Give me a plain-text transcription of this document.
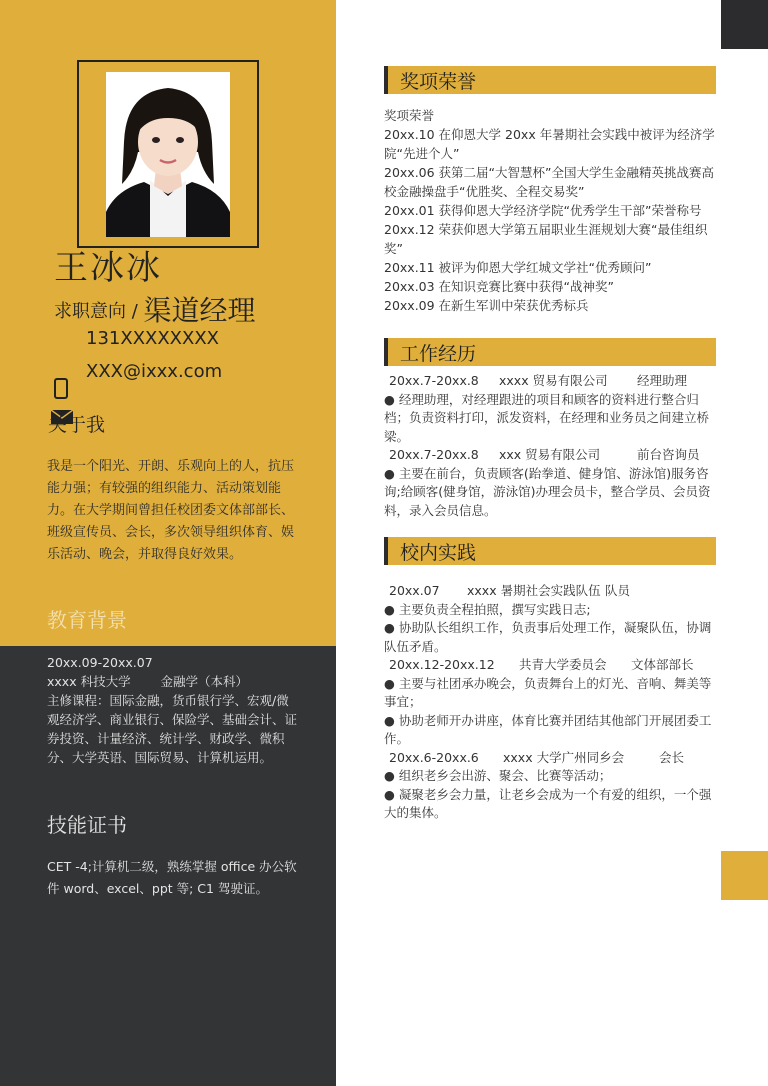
王冰冰
求职意向 / 渠道经理
131XXXXXXXX
XXX@ixxx.com
关于我
我是一个阳光、开朗、乐观向上的人，抗压能力强；有较强的组织能力、活动策划能力。在大学期间曾担任校团委文体部部长、班级宣传员、会长，多次领导组织体育、娱乐活动、晚会，并取得良好效果。
教育背景
20xx.09-20xx.07
xxxx 科技大学 金融学（本科）
主修课程：国际金融，货币银行学、宏观/微观经济学、商业银行、保险学、基础会计、证券投资、计量经济、统计学、财政学、微积分、大学英语、国际贸易、计算机运用。
技能证书
CET -4;计算机二级，熟练掌握 office 办公软件 word、excel、ppt 等; C1 驾驶证。
奖项荣誉
奖项荣誉
20xx.10 在仰恩大学 20xx 年暑期社会实践中被评为经济学院“先进个人”
20xx.06 获第二届“大智慧杯”全国大学生金融精英挑战赛高校金融操盘手“优胜奖、全程交易奖”
20xx.01 获得仰恩大学经济学院“优秀学生干部”荣誉称号
20xx.12 荣获仰恩大学第五届职业生涯规划大赛“最佳组织奖”
20xx.11 被评为仰恩大学红城文学社“优秀顾问”
20xx.03 在知识竞赛比赛中获得“战神奖”
20xx.09 在新生军训中荣获优秀标兵
工作经历
20xx.7-20xx.8	xxxx 贸易有限公司	经理助理
● 经理助理，对经理跟进的项目和顾客的资料进行整合归档；负责资料打印，派发资料，在经理和业务员之间建立桥梁。
20xx.7-20xx.8	xxx 贸易有限公司	前台咨询员
● 主要在前台，负责顾客(跆拳道、健身馆、游泳馆)服务咨询;给顾客(健身馆，游泳馆)办理会员卡，整合学员、会员资料，录入会员信息。
校内实践
20xx.07	xxxx 暑期社会实践队伍 队员
● 主要负责全程拍照，撰写实践日志;
● 协助队长组织工作，负责事后处理工作，凝聚队伍，协调队伍矛盾。
20xx.12-20xx.12	共青大学委员会	文体部部长
● 主要与社团承办晚会，负责舞台上的灯光、音响、舞美等事宜；
● 协助老师开办讲座，体育比赛并团结其他部门开展团委工作。
20xx.6-20xx.6	xxxx 大学广州同乡会	会长
● 组织老乡会出游、聚会、比赛等活动；
● 凝聚老乡会力量，让老乡会成为一个有爱的组织，一个强大的集体。
